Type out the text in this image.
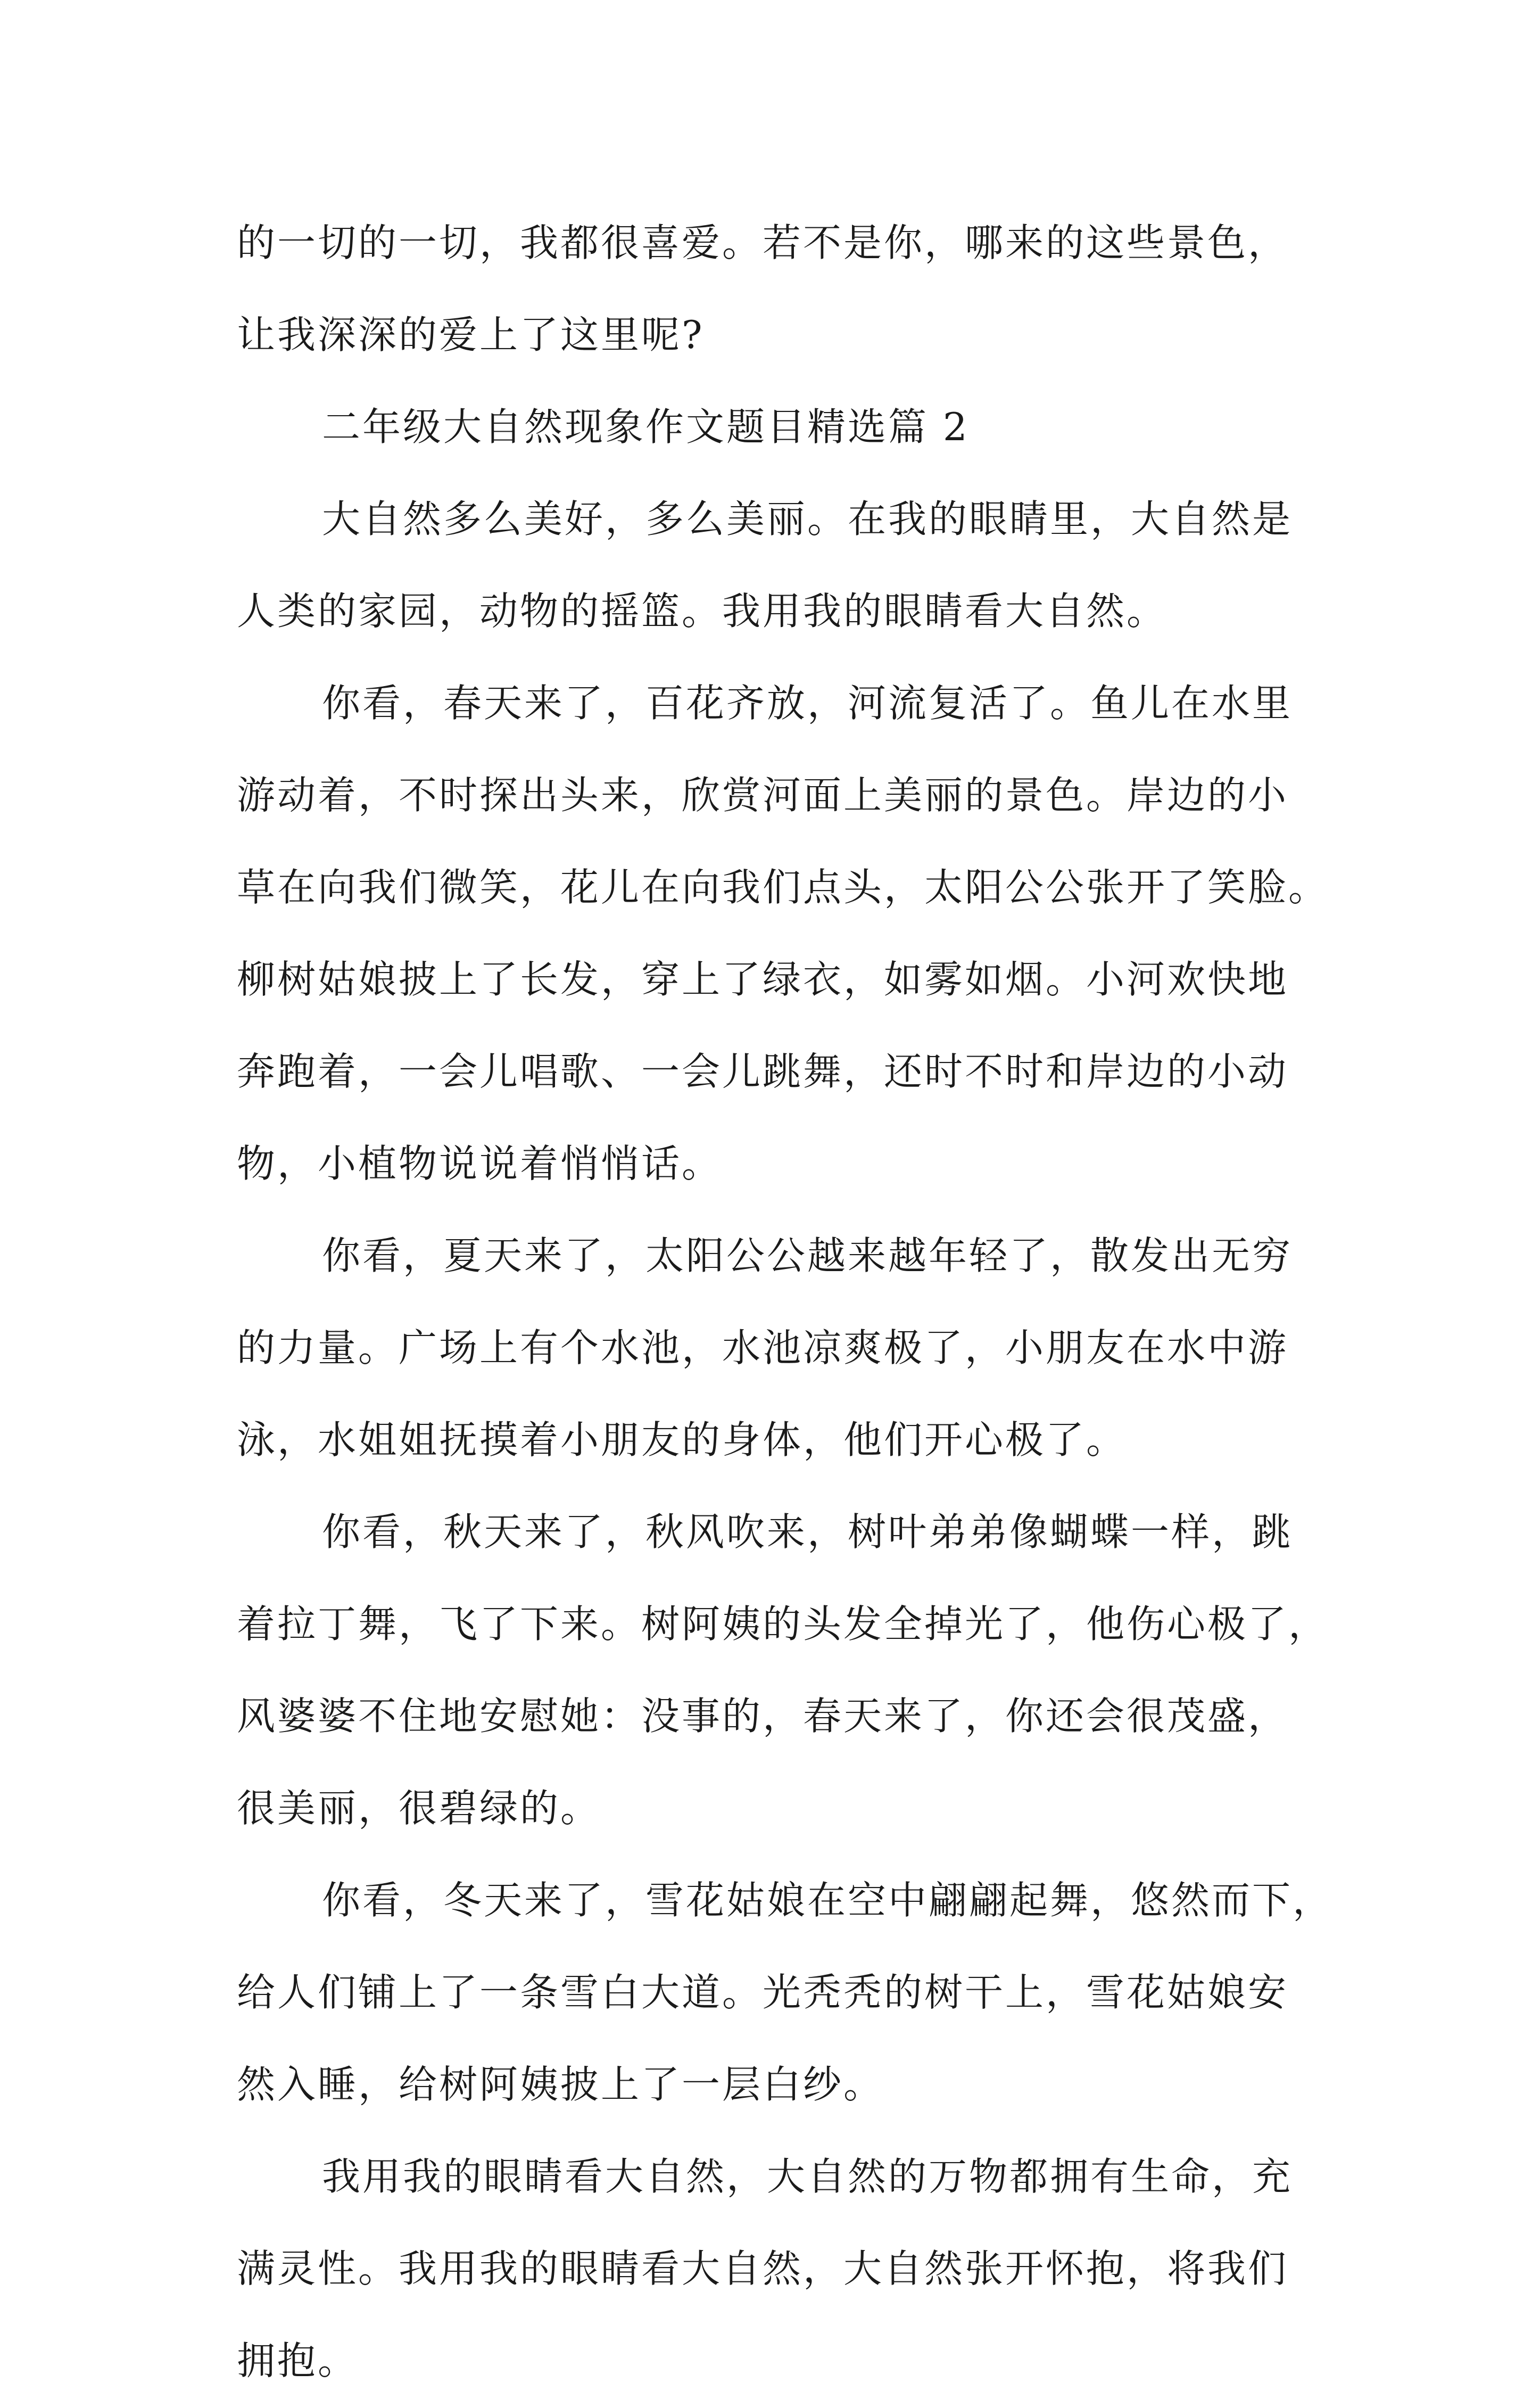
的一切的一切，我都很喜爱。若不是你，哪来的这些景色，
让我深深的爱上了这里呢?
二年级大自然现象作文题目精选篇 2
大自然多么美好，多么美丽。在我的眼睛里，大自然是
人类的家园，动物的摇篮。我用我的眼睛看大自然。
你看，春天来了，百花齐放，河流复活了。鱼儿在水里
游动着，不时探出头来，欣赏河面上美丽的景色。岸边的小
草在向我们微笑，花儿在向我们点头，太阳公公张开了笑脸。
柳树姑娘披上了长发，穿上了绿衣，如雾如烟。小河欢快地
奔跑着，一会儿唱歌、一会儿跳舞，还时不时和岸边的小动
物，小植物说说着悄悄话。
你看，夏天来了，太阳公公越来越年轻了，散发出无穷
的力量。广场上有个水池，水池凉爽极了，小朋友在水中游
泳，水姐姐抚摸着小朋友的身体，他们开心极了。
你看，秋天来了，秋风吹来，树叶弟弟像蝴蝶一样，跳
着拉丁舞，飞了下来。树阿姨的头发全掉光了，他伤心极了，
风婆婆不住地安慰她：没事的，春天来了，你还会很茂盛，
很美丽，很碧绿的。
你看，冬天来了，雪花姑娘在空中翩翩起舞，悠然而下，
给人们铺上了一条雪白大道。光秃秃的树干上，雪花姑娘安
然入睡，给树阿姨披上了一层白纱。
我用我的眼睛看大自然，大自然的万物都拥有生命，充
满灵性。我用我的眼睛看大自然，大自然张开怀抱，将我们
拥抱。
